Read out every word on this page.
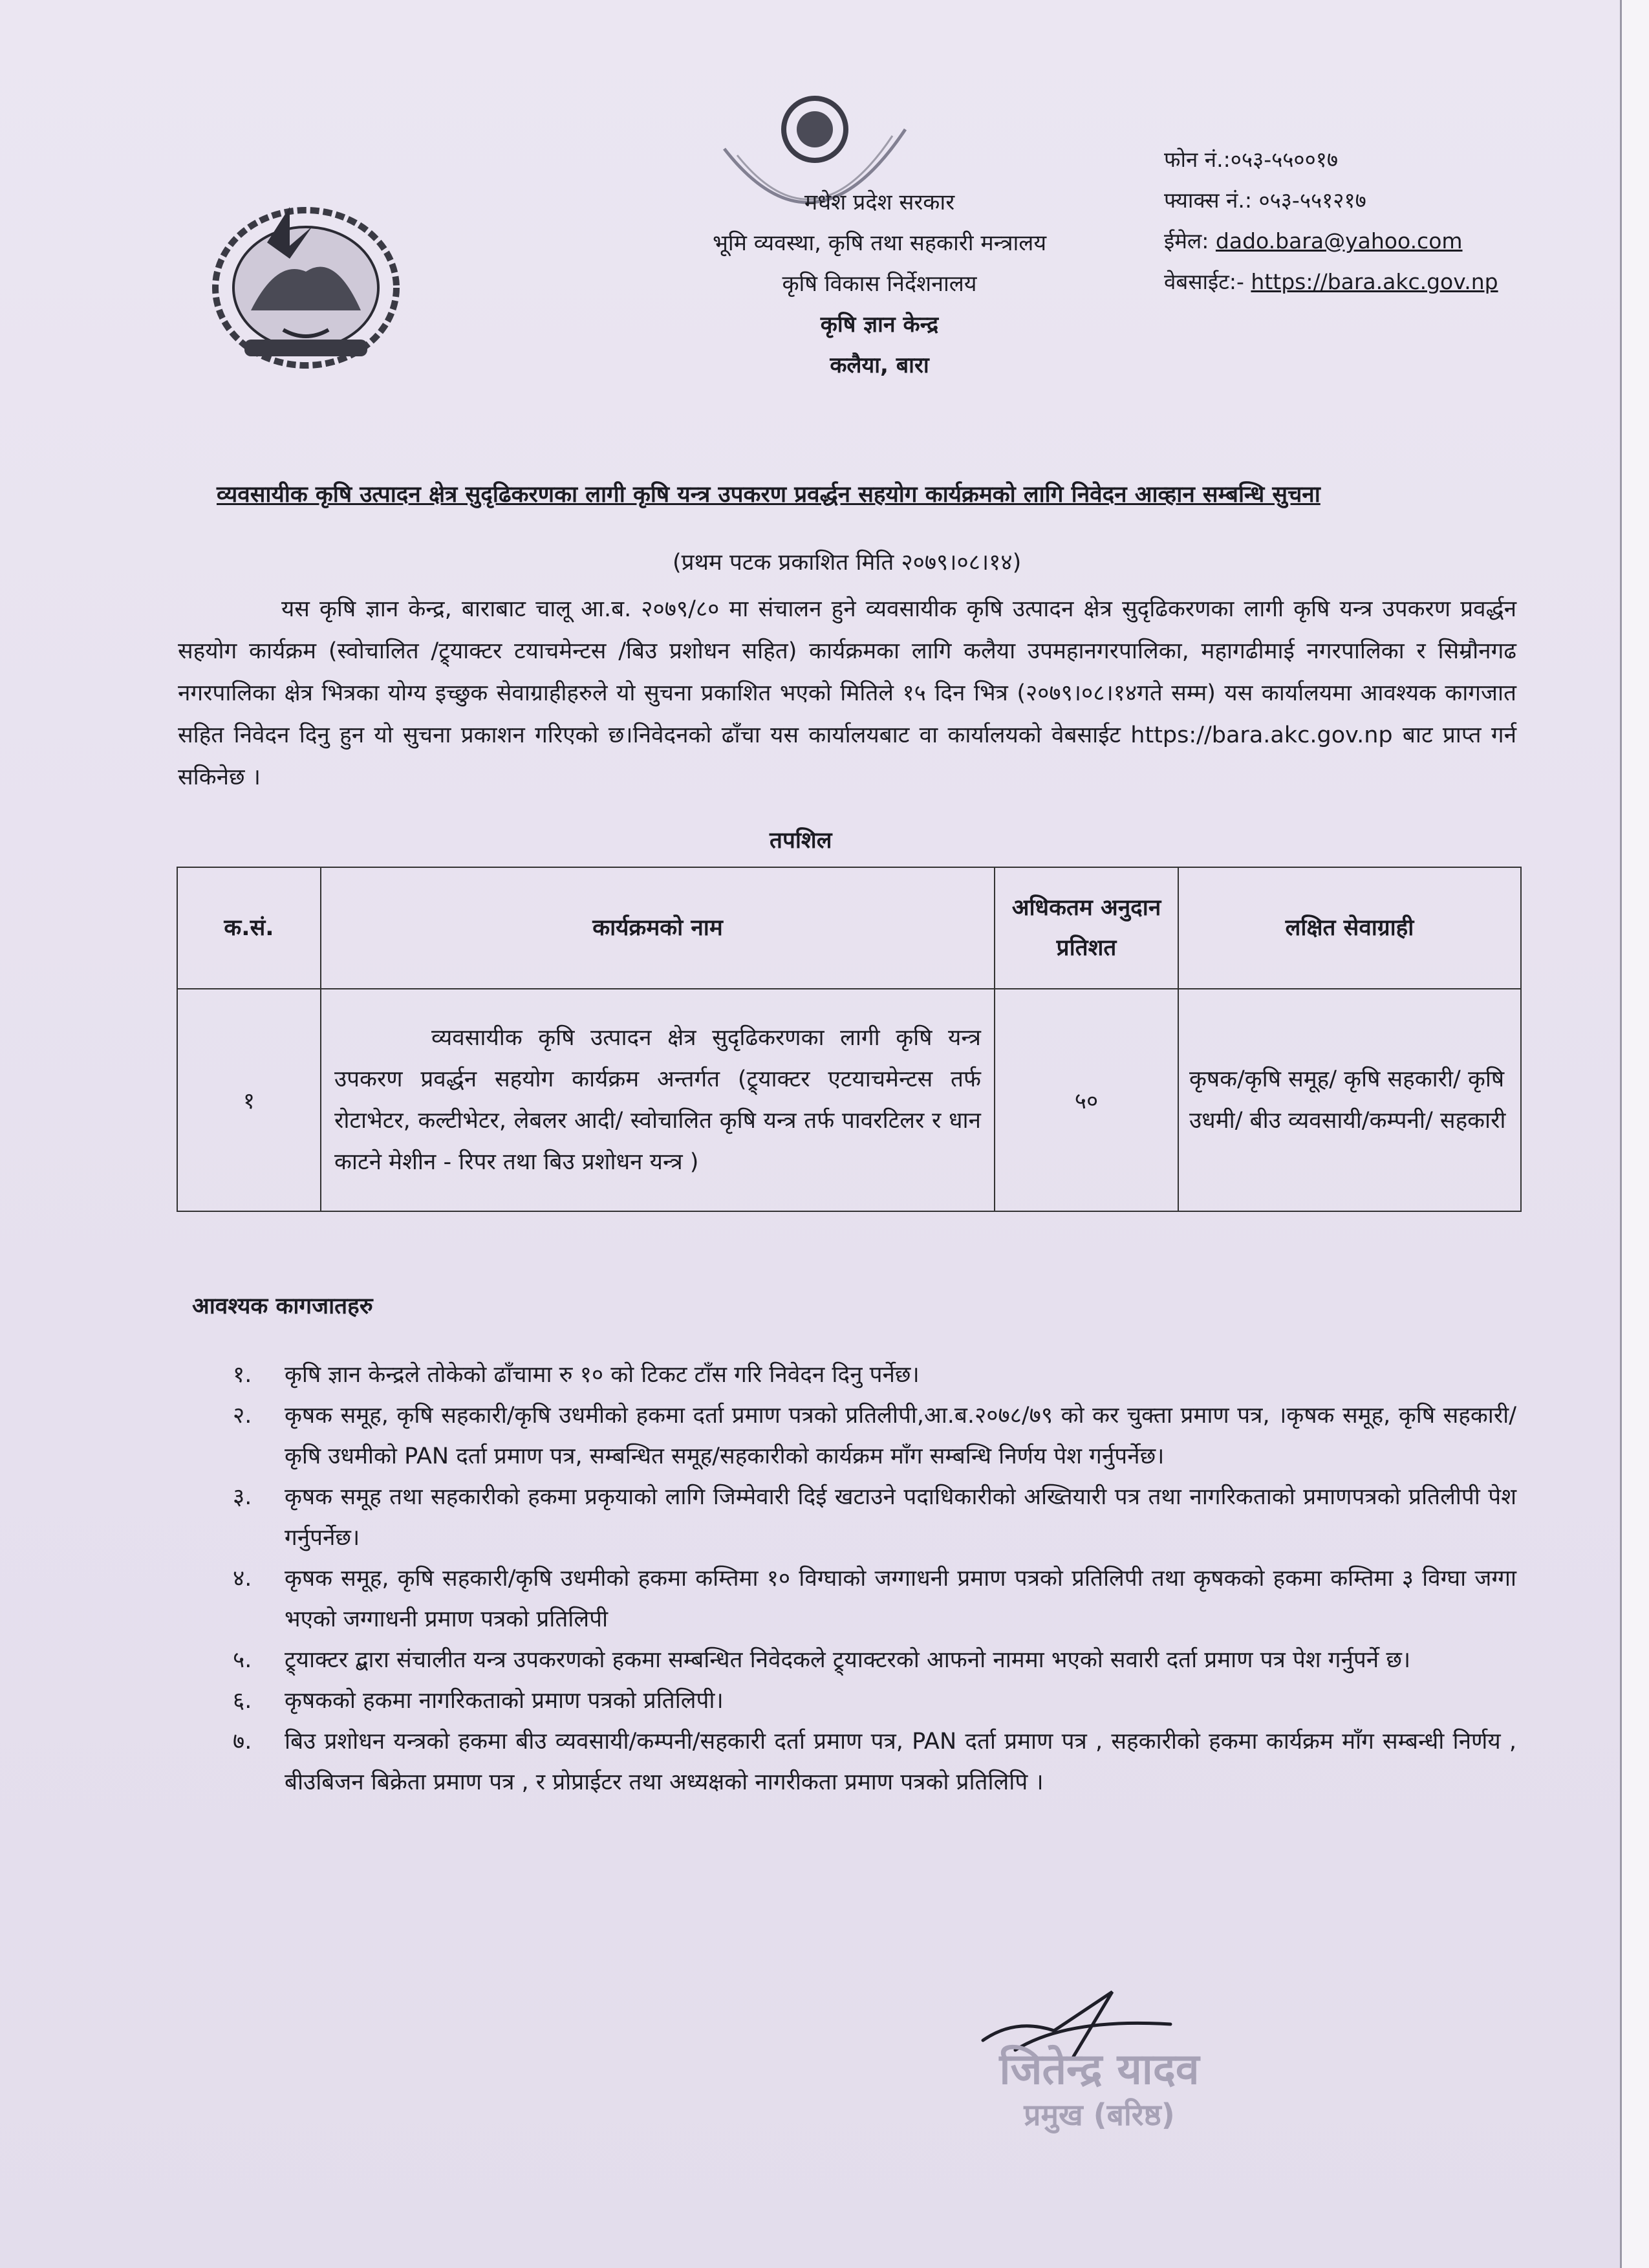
मधेश प्रदेश सरकार
भूमि व्यवस्था, कृषि तथा सहकारी मन्त्रालय
कृषि विकास निर्देशनालय
कृषि ज्ञान केन्द्र
कलैया, बारा
फोन नं.:०५३-५५००१७
फ्याक्स नं.: ०५३-५५१२१७
ईमेल: dado.bara@yahoo.com
वेबसाईट:- https://bara.akc.gov.np
व्यवसायीक कृषि उत्पादन क्षेत्र सुदृढिकरणका लागी कृषि यन्त्र उपकरण प्रवर्द्धन सहयोग कार्यक्रमको लागि निवेदन आव्हान सम्बन्धि सुचना
(प्रथम पटक प्रकाशित मिति २०७९।०८।१४)
यस कृषि ज्ञान केन्द्र, बाराबाट चालू आ.ब. २०७९/८० मा संचालन हुने व्यवसायीक कृषि उत्पादन क्षेत्र सुदृढिकरणका लागी कृषि यन्त्र उपकरण प्रवर्द्धन सहयोग कार्यक्रम (स्वोचालित /ट्र्याक्टर टयाचमेन्टस /बिउ प्रशोधन सहित) कार्यक्रमका लागि कलैया उपमहानगरपालिका, महागढीमाई नगरपालिका र सिम्रौनगढ नगरपालिका क्षेत्र भित्रका योग्य इच्छुक सेवाग्राहीहरुले यो सुचना प्रकाशित भएको मितिले १५ दिन भित्र (२०७९।०८।१४गते सम्म) यस कार्यालयमा आवश्यक कागजात सहित निवेदन दिनु हुन यो सुचना प्रकाशन गरिएको छ।निवेदनको ढाँचा यस कार्यालयबाट वा कार्यालयको वेबसाईट https://bara.akc.gov.np बाट प्राप्त गर्न सकिनेछ ।
तपशिल
क.सं.	कार्यक्रमको नाम	अधिकतम अनुदान प्रतिशत	लक्षित सेवाग्राही
१	व्यवसायीक कृषि उत्पादन क्षेत्र सुदृढिकरणका लागी कृषि यन्त्र उपकरण प्रवर्द्धन सहयोग कार्यक्रम अन्तर्गत (ट्र्याक्टर एटयाचमेन्टस तर्फ रोटाभेटर, कल्टीभेटर, लेबलर आदी/ स्वोचालित कृषि यन्त्र तर्फ पावरटिलर र धान काटने मेशीन - रिपर तथा बिउ प्रशोधन यन्त्र )	५०	कृषक/कृषि समूह/ कृषि सहकारी/ कृषि उधमी/ बीउ व्यवसायी/कम्पनी/ सहकारी
आवश्यक कागजातहरु
१. कृषि ज्ञान केन्द्रले तोकेको ढाँचामा रु १० को टिकट टाँस गरि निवेदन दिनु पर्नेछ।
२. कृषक समूह, कृषि सहकारी/कृषि उधमीको हकमा दर्ता प्रमाण पत्रको प्रतिलीपी,आ.ब.२०७८/७९ को कर चुक्ता प्रमाण पत्र, ।कृषक समूह, कृषि सहकारी/कृषि उधमीको PAN दर्ता प्रमाण पत्र, सम्बन्धित समूह/सहकारीको कार्यक्रम माँग सम्बन्धि निर्णय पेश गर्नुपर्नेछ।
३. कृषक समूह तथा सहकारीको हकमा प्रकृयाको लागि जिम्मेवारी दिई खटाउने पदाधिकारीको अख्तियारी पत्र तथा नागरिकताको प्रमाणपत्रको प्रतिलीपी पेश गर्नुपर्नेछ।
४. कृषक समूह, कृषि सहकारी/कृषि उधमीको हकमा कम्तिमा १० विग्घाको जग्गाधनी प्रमाण पत्रको प्रतिलिपी तथा कृषकको हकमा कम्तिमा ३ विग्घा जग्गा भएको जग्गाधनी प्रमाण पत्रको प्रतिलिपी
५. ट्र्याक्टर द्बारा संचालीत यन्त्र उपकरणको हकमा सम्बन्धित निवेदकले ट्र्याक्टरको आफनो नाममा भएको सवारी दर्ता प्रमाण पत्र पेश गर्नुपर्ने छ।
६. कृषकको हकमा नागरिकताको प्रमाण पत्रको प्रतिलिपी।
७. बिउ प्रशोधन यन्त्रको हकमा बीउ व्यवसायी/कम्पनी/सहकारी दर्ता प्रमाण पत्र, PAN दर्ता प्रमाण पत्र , सहकारीको हकमा कार्यक्रम माँग सम्बन्धी निर्णय , बीउबिजन बिक्रेता प्रमाण पत्र , र प्रोप्राईटर तथा अध्यक्षको नागरीकता प्रमाण पत्रको प्रतिलिपि ।
जितेन्द्र यादव
प्रमुख (बरिष्ठ)
